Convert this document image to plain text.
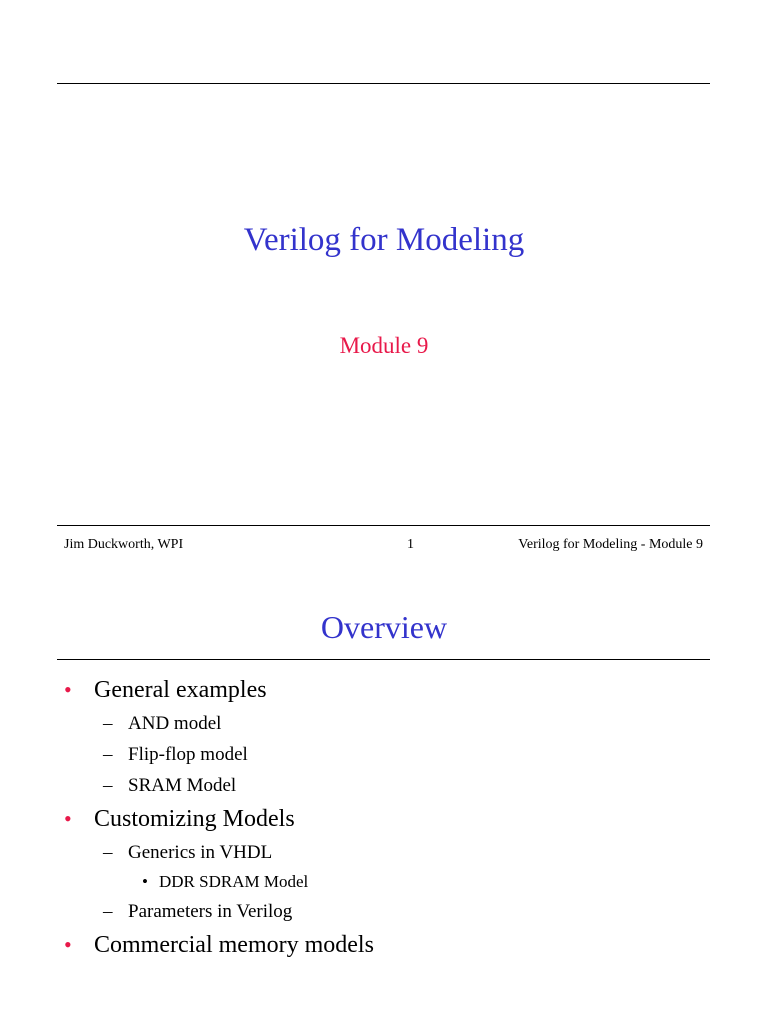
Verilog for Modeling
Module 9
Jim Duckworth, WPI	1	Verilog for Modeling - Module 9
Overview
• General examples
– AND model
– Flip-flop model
– SRAM Model
• Customizing Models
– Generics in VHDL
• DDR SDRAM Model
– Parameters in Verilog
• Commercial memory models
